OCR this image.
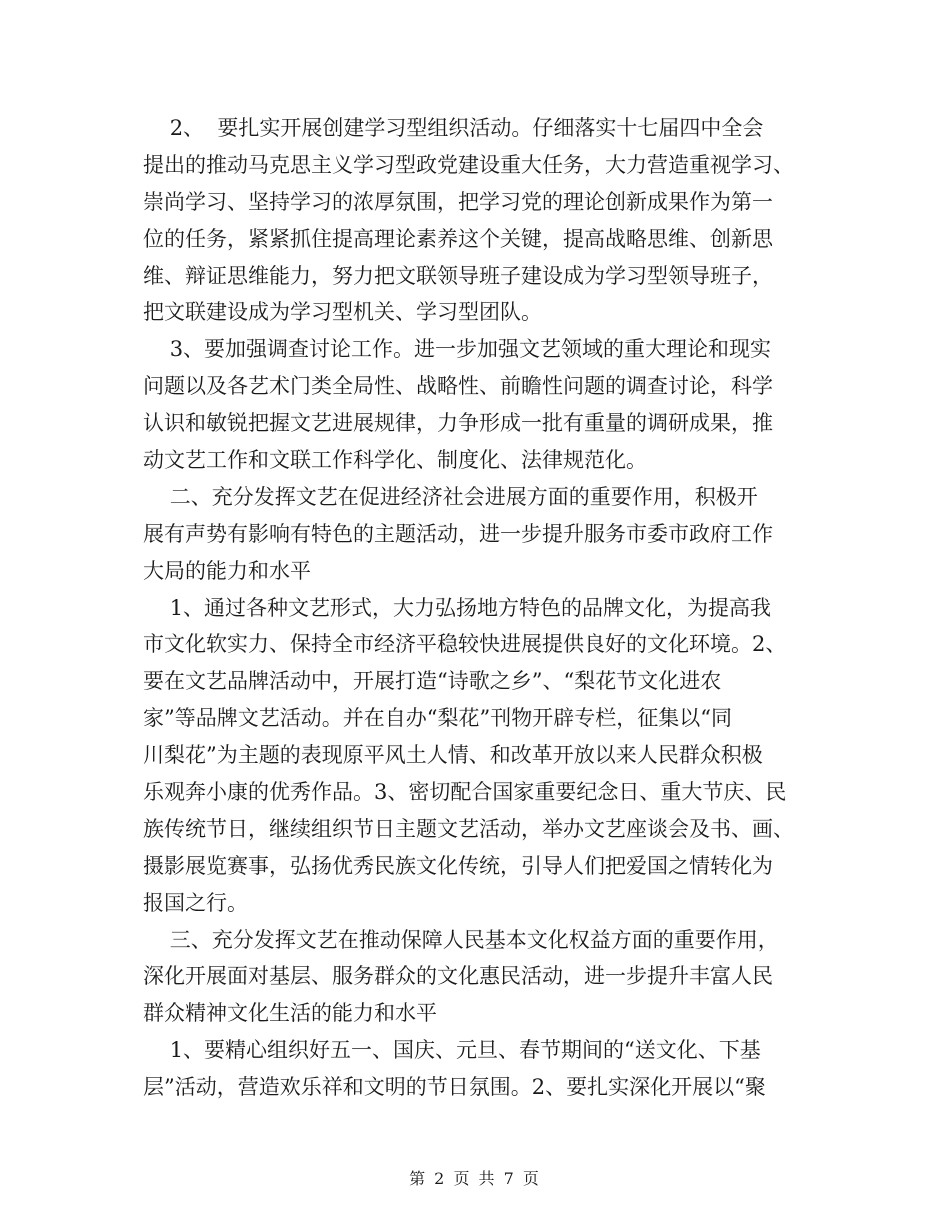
2、  要扎实开展创建学习型组织活动。仔细落实十七届四中全会
提出的推动马克思主义学习型政党建设重大任务，大力营造重视学习、
崇尚学习、坚持学习的浓厚氛围，把学习党的理论创新成果作为第一
位的任务，紧紧抓住提高理论素养这个关键，提高战略思维、创新思
维、辩证思维能力，努力把文联领导班子建设成为学习型领导班子，
把文联建设成为学习型机关、学习型团队。
3、要加强调查讨论工作。进一步加强文艺领域的重大理论和现实
问题以及各艺术门类全局性、战略性、前瞻性问题的调查讨论，科学
认识和敏锐把握文艺进展规律，力争形成一批有重量的调研成果，推
动文艺工作和文联工作科学化、制度化、法律规范化。
二、充分发挥文艺在促进经济社会进展方面的重要作用，积极开
展有声势有影响有特色的主题活动，进一步提升服务市委市政府工作
大局的能力和水平
1、通过各种文艺形式，大力弘扬地方特色的品牌文化，为提高我
市文化软实力、保持全市经济平稳较快进展提供良好的文化环境。2、
要在文艺品牌活动中，开展打造“诗歌之乡”、“梨花节文化进农
家”等品牌文艺活动。并在自办“梨花”刊物开辟专栏，征集以“同
川梨花”为主题的表现原平风土人情、和改革开放以来人民群众积极
乐观奔小康的优秀作品。3、密切配合国家重要纪念日、重大节庆、民
族传统节日，继续组织节日主题文艺活动，举办文艺座谈会及书、画、
摄影展览赛事，弘扬优秀民族文化传统，引导人们把爱国之情转化为
报国之行。
三、充分发挥文艺在推动保障人民基本文化权益方面的重要作用，
深化开展面对基层、服务群众的文化惠民活动，进一步提升丰富人民
群众精神文化生活的能力和水平
1、要精心组织好五一、国庆、元旦、春节期间的“送文化、下基
层”活动，营造欢乐祥和文明的节日氛围。2、要扎实深化开展以“聚
第 2 页 共 7 页
